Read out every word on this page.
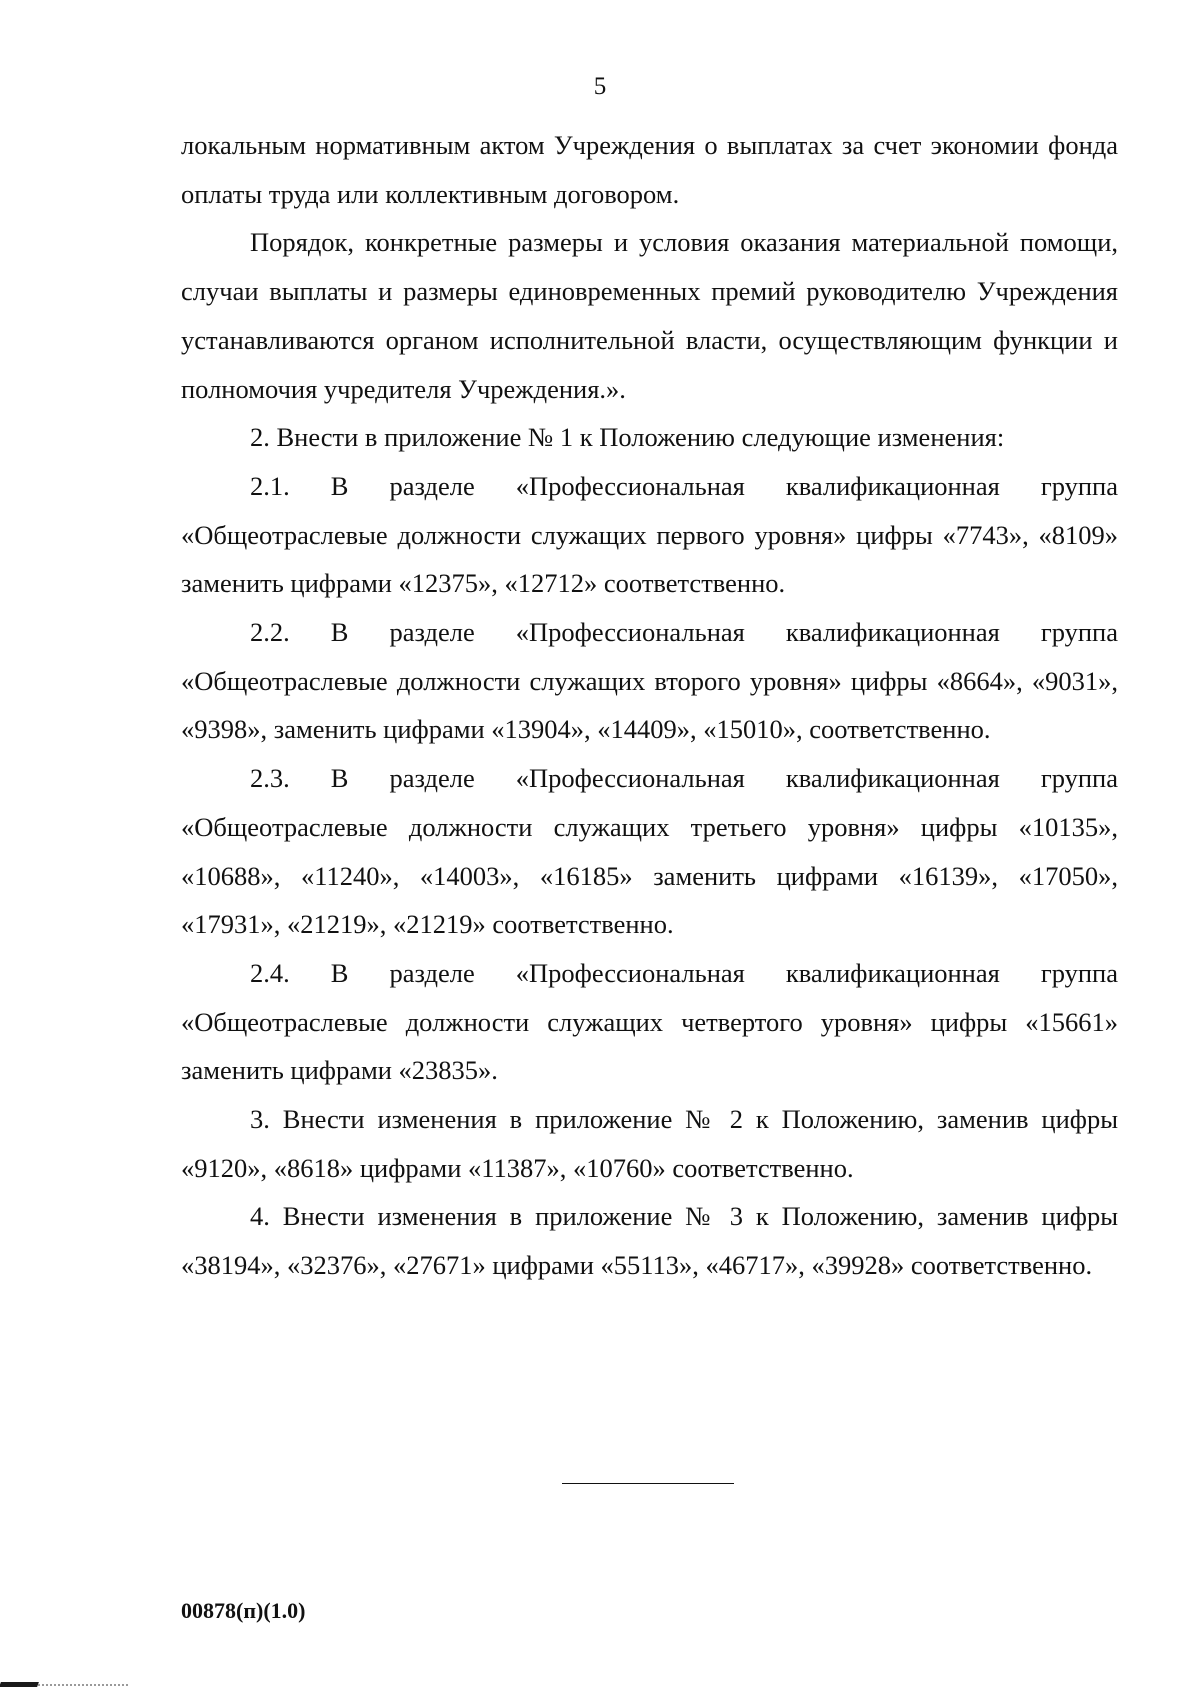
5

локальным нормативным актом Учреждения о выплатах за счет экономии фонда оплаты труда или коллективным договором.

Порядок, конкретные размеры и условия оказания материальной помощи, случаи выплаты и размеры единовременных премий руководителю Учреждения устанавливаются органом исполнительной власти, осуществляющим функции и полномочия учредителя Учреждения.».

2. Внести в приложение № 1 к Положению следующие изменения:

2.1. В разделе «Профессиональная квалификационная группа «Общеотраслевые должности служащих первого уровня» цифры «7743», «8109» заменить цифрами «12375», «12712» соответственно.

2.2. В разделе «Профессиональная квалификационная группа «Общеотраслевые должности служащих второго уровня» цифры «8664», «9031», «9398», заменить цифрами «13904», «14409», «15010», соответственно.

2.3. В разделе «Профессиональная квалификационная группа «Общеотраслевые должности служащих третьего уровня» цифры «10135», «10688», «11240», «14003», «16185» заменить цифрами «16139», «17050», «17931», «21219», «21219» соответственно.

2.4. В разделе «Профессиональная квалификационная группа «Общеотраслевые должности служащих четвертого уровня» цифры «15661» заменить цифрами «23835».

3. Внести изменения в приложение № 2 к Положению, заменив цифры «9120», «8618» цифрами «11387», «10760» соответственно.

4. Внести изменения в приложение № 3 к Положению, заменив цифры «38194», «32376», «27671» цифрами «55113», «46717», «39928» соответственно.

00878(п)(1.0)
